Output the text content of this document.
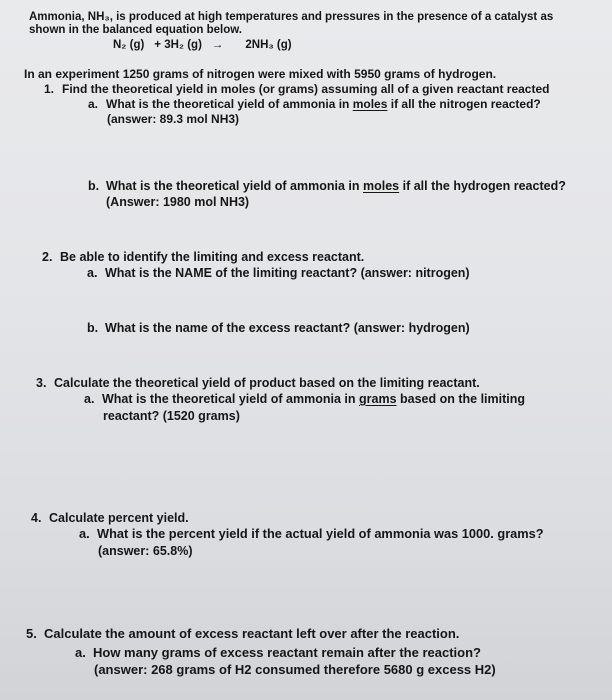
Ammonia, NH₃, is produced at high temperatures and pressures in the presence of a catalyst as
shown in the balanced equation below.
N₂ (g) + 3H₂ (g) → 2NH₃ (g)
In an experiment 1250 grams of nitrogen were mixed with 5950 grams of hydrogen.
1. Find the theoretical yield in moles (or grams) assuming all of a given reactant reacted
a. What is the theoretical yield of ammonia in moles if all the nitrogen reacted?
(answer: 89.3 mol NH3)
b. What is the theoretical yield of ammonia in moles if all the hydrogen reacted?
(Answer: 1980 mol NH3)
2. Be able to identify the limiting and excess reactant.
a. What is the NAME of the limiting reactant? (answer: nitrogen)
b. What is the name of the excess reactant? (answer: hydrogen)
3. Calculate the theoretical yield of product based on the limiting reactant.
a. What is the theoretical yield of ammonia in grams based on the limiting
reactant? (1520 grams)
4. Calculate percent yield.
a. What is the percent yield if the actual yield of ammonia was 1000. grams?
(answer: 65.8%)
5. Calculate the amount of excess reactant left over after the reaction.
a. How many grams of excess reactant remain after the reaction?
(answer: 268 grams of H2 consumed therefore 5680 g excess H2)
